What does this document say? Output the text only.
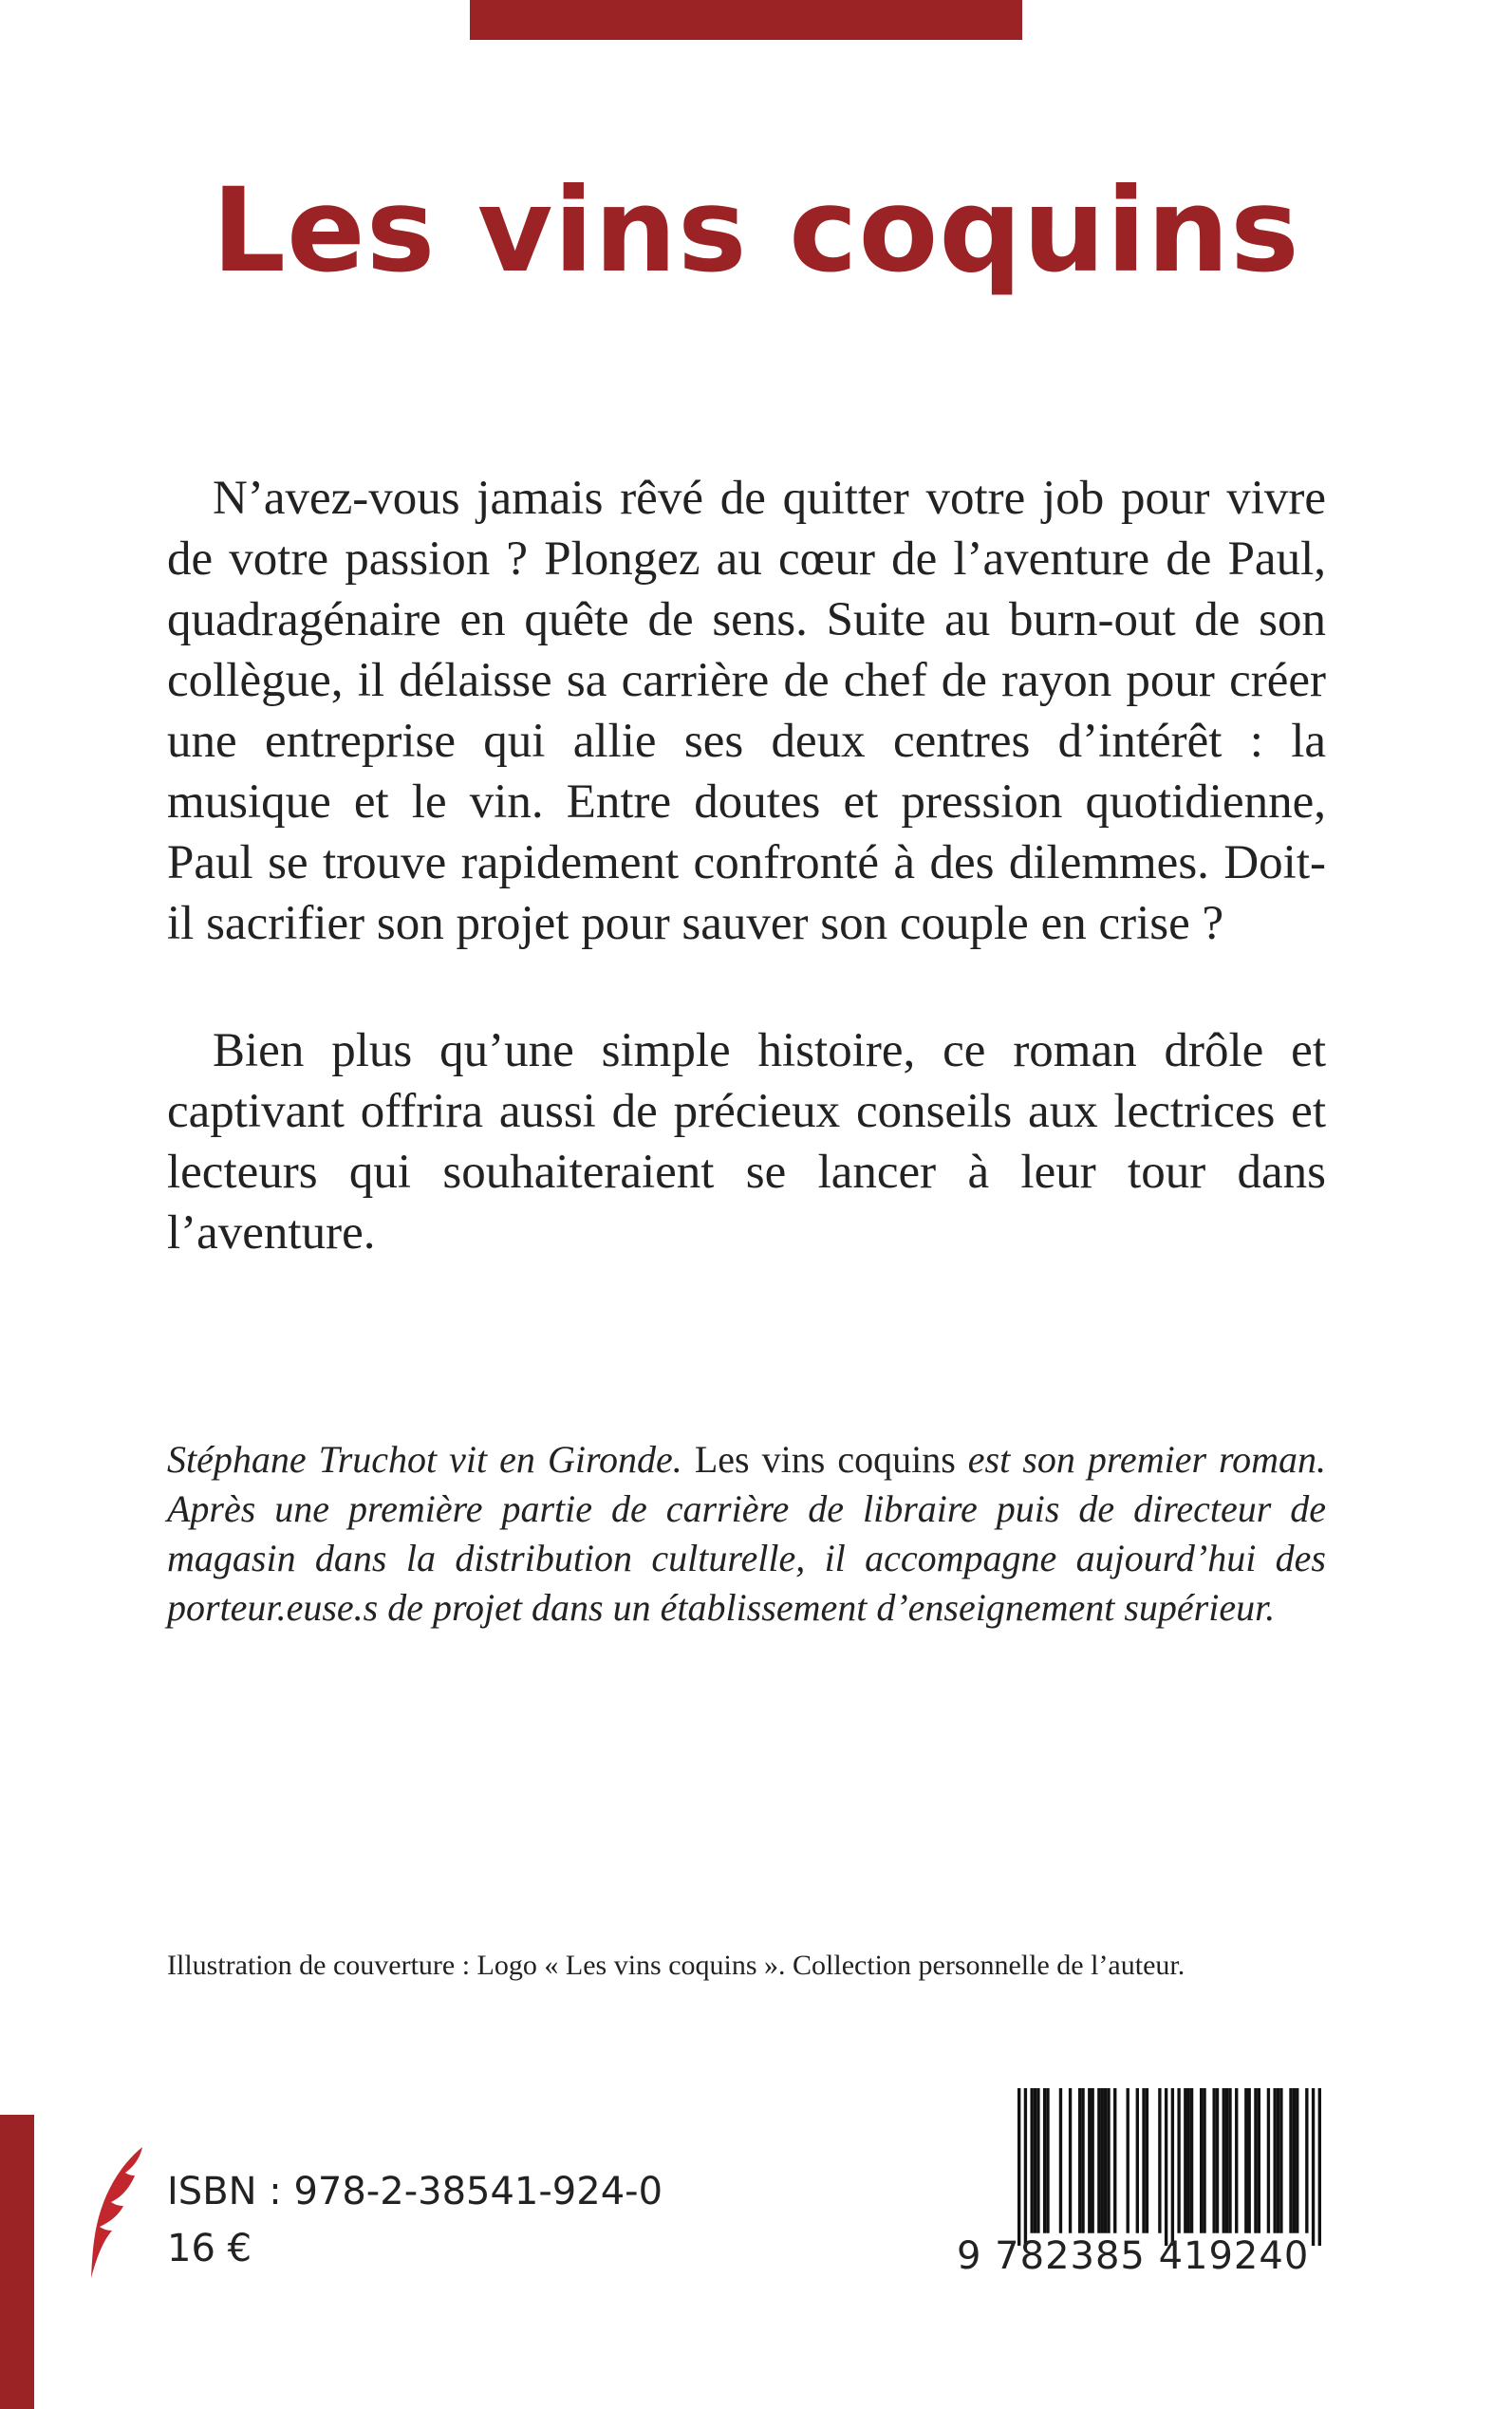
Les vins coquins

N’avez-vous jamais rêvé de quitter votre job pour vivre de votre passion ? Plongez au cœur de l’aventure de Paul, quadragénaire en quête de sens. Suite au burn-out de son collègue, il délaisse sa carrière de chef de rayon pour créer une entreprise qui allie ses deux centres d’intérêt : la musique et le vin. Entre doutes et pression quotidienne, Paul se trouve rapidement confronté à des dilemmes. Doit-il sacrifier son projet pour sauver son couple en crise ?

Bien plus qu’une simple histoire, ce roman drôle et captivant offrira aussi de précieux conseils aux lectrices et lecteurs qui souhaiteraient se lancer à leur tour dans l’aventure.

Stéphane Truchot vit en Gironde. Les vins coquins est son premier roman. Après une première partie de carrière de libraire puis de directeur de magasin dans la distribution culturelle, il accompagne aujourd’hui des porteur.euse.s de projet dans un établissement d’enseignement supérieur.

Illustration de couverture : Logo « Les vins coquins ». Collection personnelle de l’auteur.
ISBN : 978-2-38541-924-0
16 €	9 782385 419240
